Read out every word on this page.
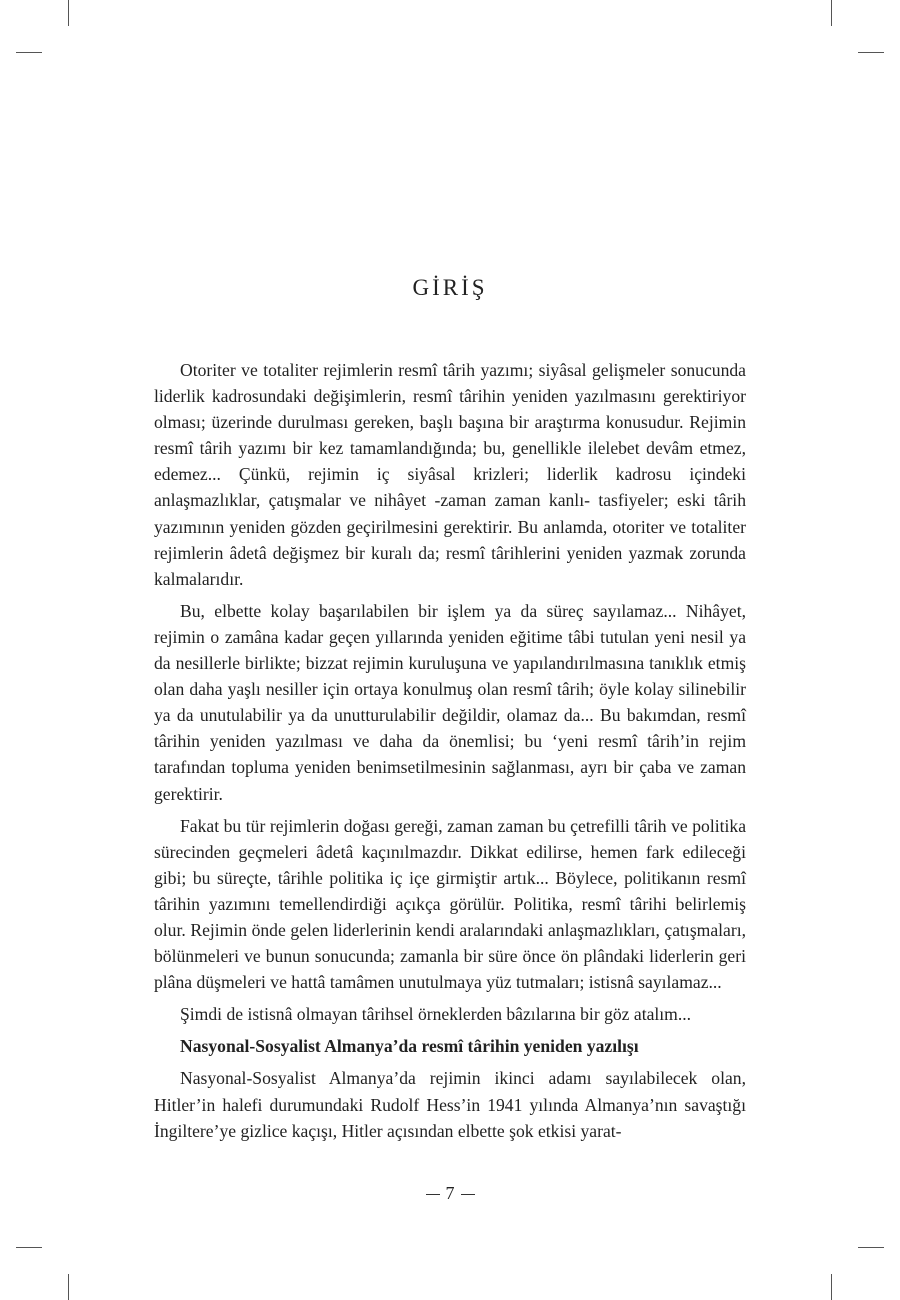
GİRİŞ

Otoriter ve totaliter rejimlerin resmî târih yazımı; siyâsal gelişmeler sonucunda liderlik kadrosundaki değişimlerin, resmî târihin yeniden yazılmasını gerektiriyor olması; üzerinde durulması gereken, başlı başına bir araştırma konusudur. Rejimin resmî târih yazımı bir kez tamamlandığında; bu, genellikle ilelebet devâm etmez, edemez... Çünkü, rejimin iç siyâsal krizleri; liderlik kadrosu içindeki anlaşmazlıklar, çatışmalar ve nihâyet -zaman zaman kanlı- tasfiyeler; eski târih yazımının yeniden gözden geçirilmesini gerektirir. Bu anlamda, otoriter ve totaliter rejimlerin âdetâ değişmez bir kuralı da; resmî târihlerini yeniden yazmak zorunda kalmalarıdır.

Bu, elbette kolay başarılabilen bir işlem ya da süreç sayılamaz... Nihâyet, rejimin o zamâna kadar geçen yıllarında yeniden eğitime tâbi tutulan yeni nesil ya da nesillerle birlikte; bizzat rejimin kuruluşuna ve yapılandırılmasına tanıklık etmiş olan daha yaşlı nesiller için ortaya konulmuş olan resmî târih; öyle kolay silinebilir ya da unutulabilir ya da unutturulabilir değildir, olamaz da... Bu bakımdan, resmî târihin yeniden yazılması ve daha da önemlisi; bu ‘yeni resmî târih’in rejim tarafından topluma yeniden benimsetilmesinin sağlanması, ayrı bir çaba ve zaman gerektirir.

Fakat bu tür rejimlerin doğası gereği, zaman zaman bu çetrefilli târih ve politika sürecinden geçmeleri âdetâ kaçınılmazdır. Dikkat edilirse, hemen fark edileceği gibi; bu süreçte, târihle politika iç içe girmiştir artık... Böylece, politikanın resmî târihin yazımını temellendirdiği açıkça görülür. Politika, resmî târihi belirlemiş olur. Rejimin önde gelen liderlerinin kendi aralarındaki anlaşmazlıkları, çatışmaları, bölünmeleri ve bunun sonucunda; zamanla bir süre önce ön plândaki liderlerin geri plâna düşmeleri ve hattâ tamâmen unutulmaya yüz tutmaları; istisnâ sayılamaz...

Şimdi de istisnâ olmayan târihsel örneklerden bâzılarına bir göz atalım...

Nasyonal-Sosyalist Almanya’da resmî târihin yeniden yazılışı

Nasyonal-Sosyalist Almanya’da rejimin ikinci adamı sayılabilecek olan, Hitler’in halefi durumundaki Rudolf Hess’in 1941 yılında Almanya’nın savaştığı İngiltere’ye gizlice kaçışı, Hitler açısından elbette şok etkisi yarat-

7
